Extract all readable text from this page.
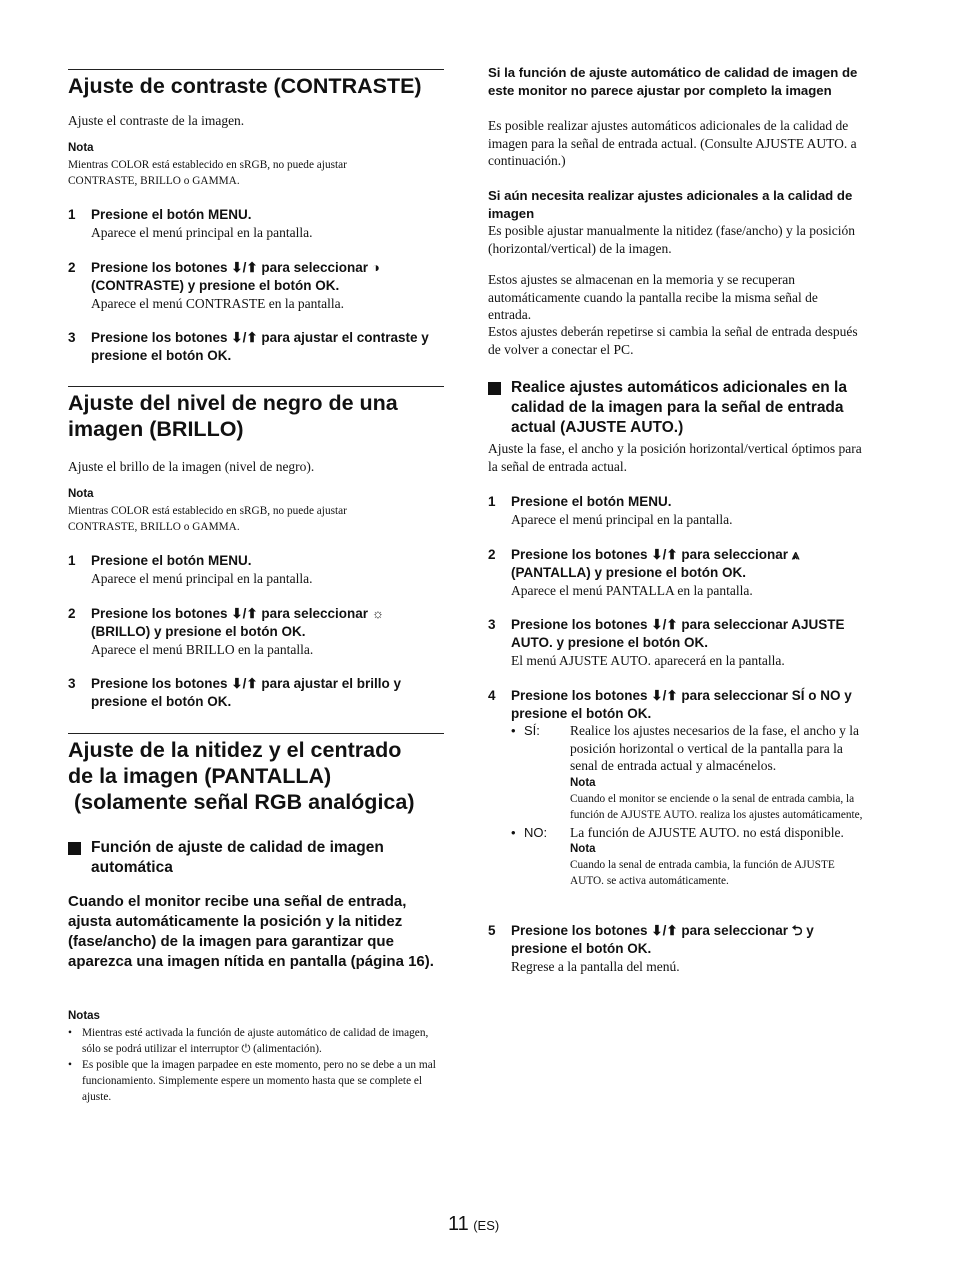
Ajuste de contraste (CONTRASTE)
Ajuste el contraste de la imagen.
Nota
Mientras COLOR está establecido en sRGB, no puede ajustar CONTRASTE, BRILLO o GAMMA.
1 Presione el botón MENU.
Aparece el menú principal en la pantalla.
2 Presione los botones ⬇/⬆ para seleccionar ◑ (CONTRASTE) y presione el botón OK.
Aparece el menú CONTRASTE en la pantalla.
3 Presione los botones ⬇/⬆ para ajustar el contraste y presione el botón OK.
Ajuste del nivel de negro de una imagen (BRILLO)
Ajuste el brillo de la imagen (nivel de negro).
Nota
Mientras COLOR está establecido en sRGB, no puede ajustar CONTRASTE, BRILLO o GAMMA.
1 Presione el botón MENU.
Aparece el menú principal en la pantalla.
2 Presione los botones ⬇/⬆ para seleccionar ☼ (BRILLO) y presione el botón OK.
Aparece el menú BRILLO en la pantalla.
3 Presione los botones ⬇/⬆ para ajustar el brillo y presione el botón OK.
Ajuste de la nitidez y el centrado
de la imagen (PANTALLA)
(solamente señal RGB analógica)
Función de ajuste de calidad de imagen automática
Cuando el monitor recibe una señal de entrada, ajusta automáticamente la posición y la nitidez (fase/ancho) de la imagen para garantizar que aparezca una imagen nítida en pantalla (página 16).
Notas
• Mientras esté activada la función de ajuste automático de calidad de imagen, sólo se podrá utilizar el interruptor ⏻ (alimentación).
• Es posible que la imagen parpadee en este momento, pero no se debe a un mal funcionamiento. Simplemente espere un momento hasta que se complete el ajuste.
Si la función de ajuste automático de calidad de imagen de este monitor no parece ajustar por completo la imagen
Es posible realizar ajustes automáticos adicionales de la calidad de imagen para la señal de entrada actual. (Consulte AJUSTE AUTO. a continuación.)
Si aún necesita realizar ajustes adicionales a la calidad de imagen
Es posible ajustar manualmente la nitidez (fase/ancho) y la posición (horizontal/vertical) de la imagen.
Estos ajustes se almacenan en la memoria y se recuperan automáticamente cuando la pantalla recibe la misma señal de entrada.
Estos ajustes deberán repetirse si cambia la señal de entrada después de volver a conectar el PC.
Realice ajustes automáticos adicionales en la calidad de la imagen para la señal de entrada actual (AJUSTE AUTO.)
Ajuste la fase, el ancho y la posición horizontal/vertical óptimos para la señal de entrada actual.
1 Presione el botón MENU.
Aparece el menú principal en la pantalla.
2 Presione los botones ⬇/⬆ para seleccionar ⩓ (PANTALLA) y presione el botón OK.
Aparece el menú PANTALLA en la pantalla.
3 Presione los botones ⬇/⬆ para seleccionar AJUSTE AUTO. y presione el botón OK.
El menú AJUSTE AUTO. aparecerá en la pantalla.
4 Presione los botones ⬇/⬆ para seleccionar SÍ o NO y presione el botón OK.
• SÍ: Realice los ajustes necesarios de la fase, el ancho y la posición horizontal o vertical de la pantalla para la senal de entrada actual y almacénelos.
Nota
Cuando el monitor se enciende o la senal de entrada cambia, la función de AJUSTE AUTO. realiza los ajustes automáticamente,
• NO: La función de AJUSTE AUTO. no está disponible.
Nota
Cuando la senal de entrada cambia, la función de AJUSTE AUTO. se activa automáticamente.
5 Presione los botones ⬇/⬆ para seleccionar ⮌ y presione el botón OK.
Regrese a la pantalla del menú.
11 (ES)
